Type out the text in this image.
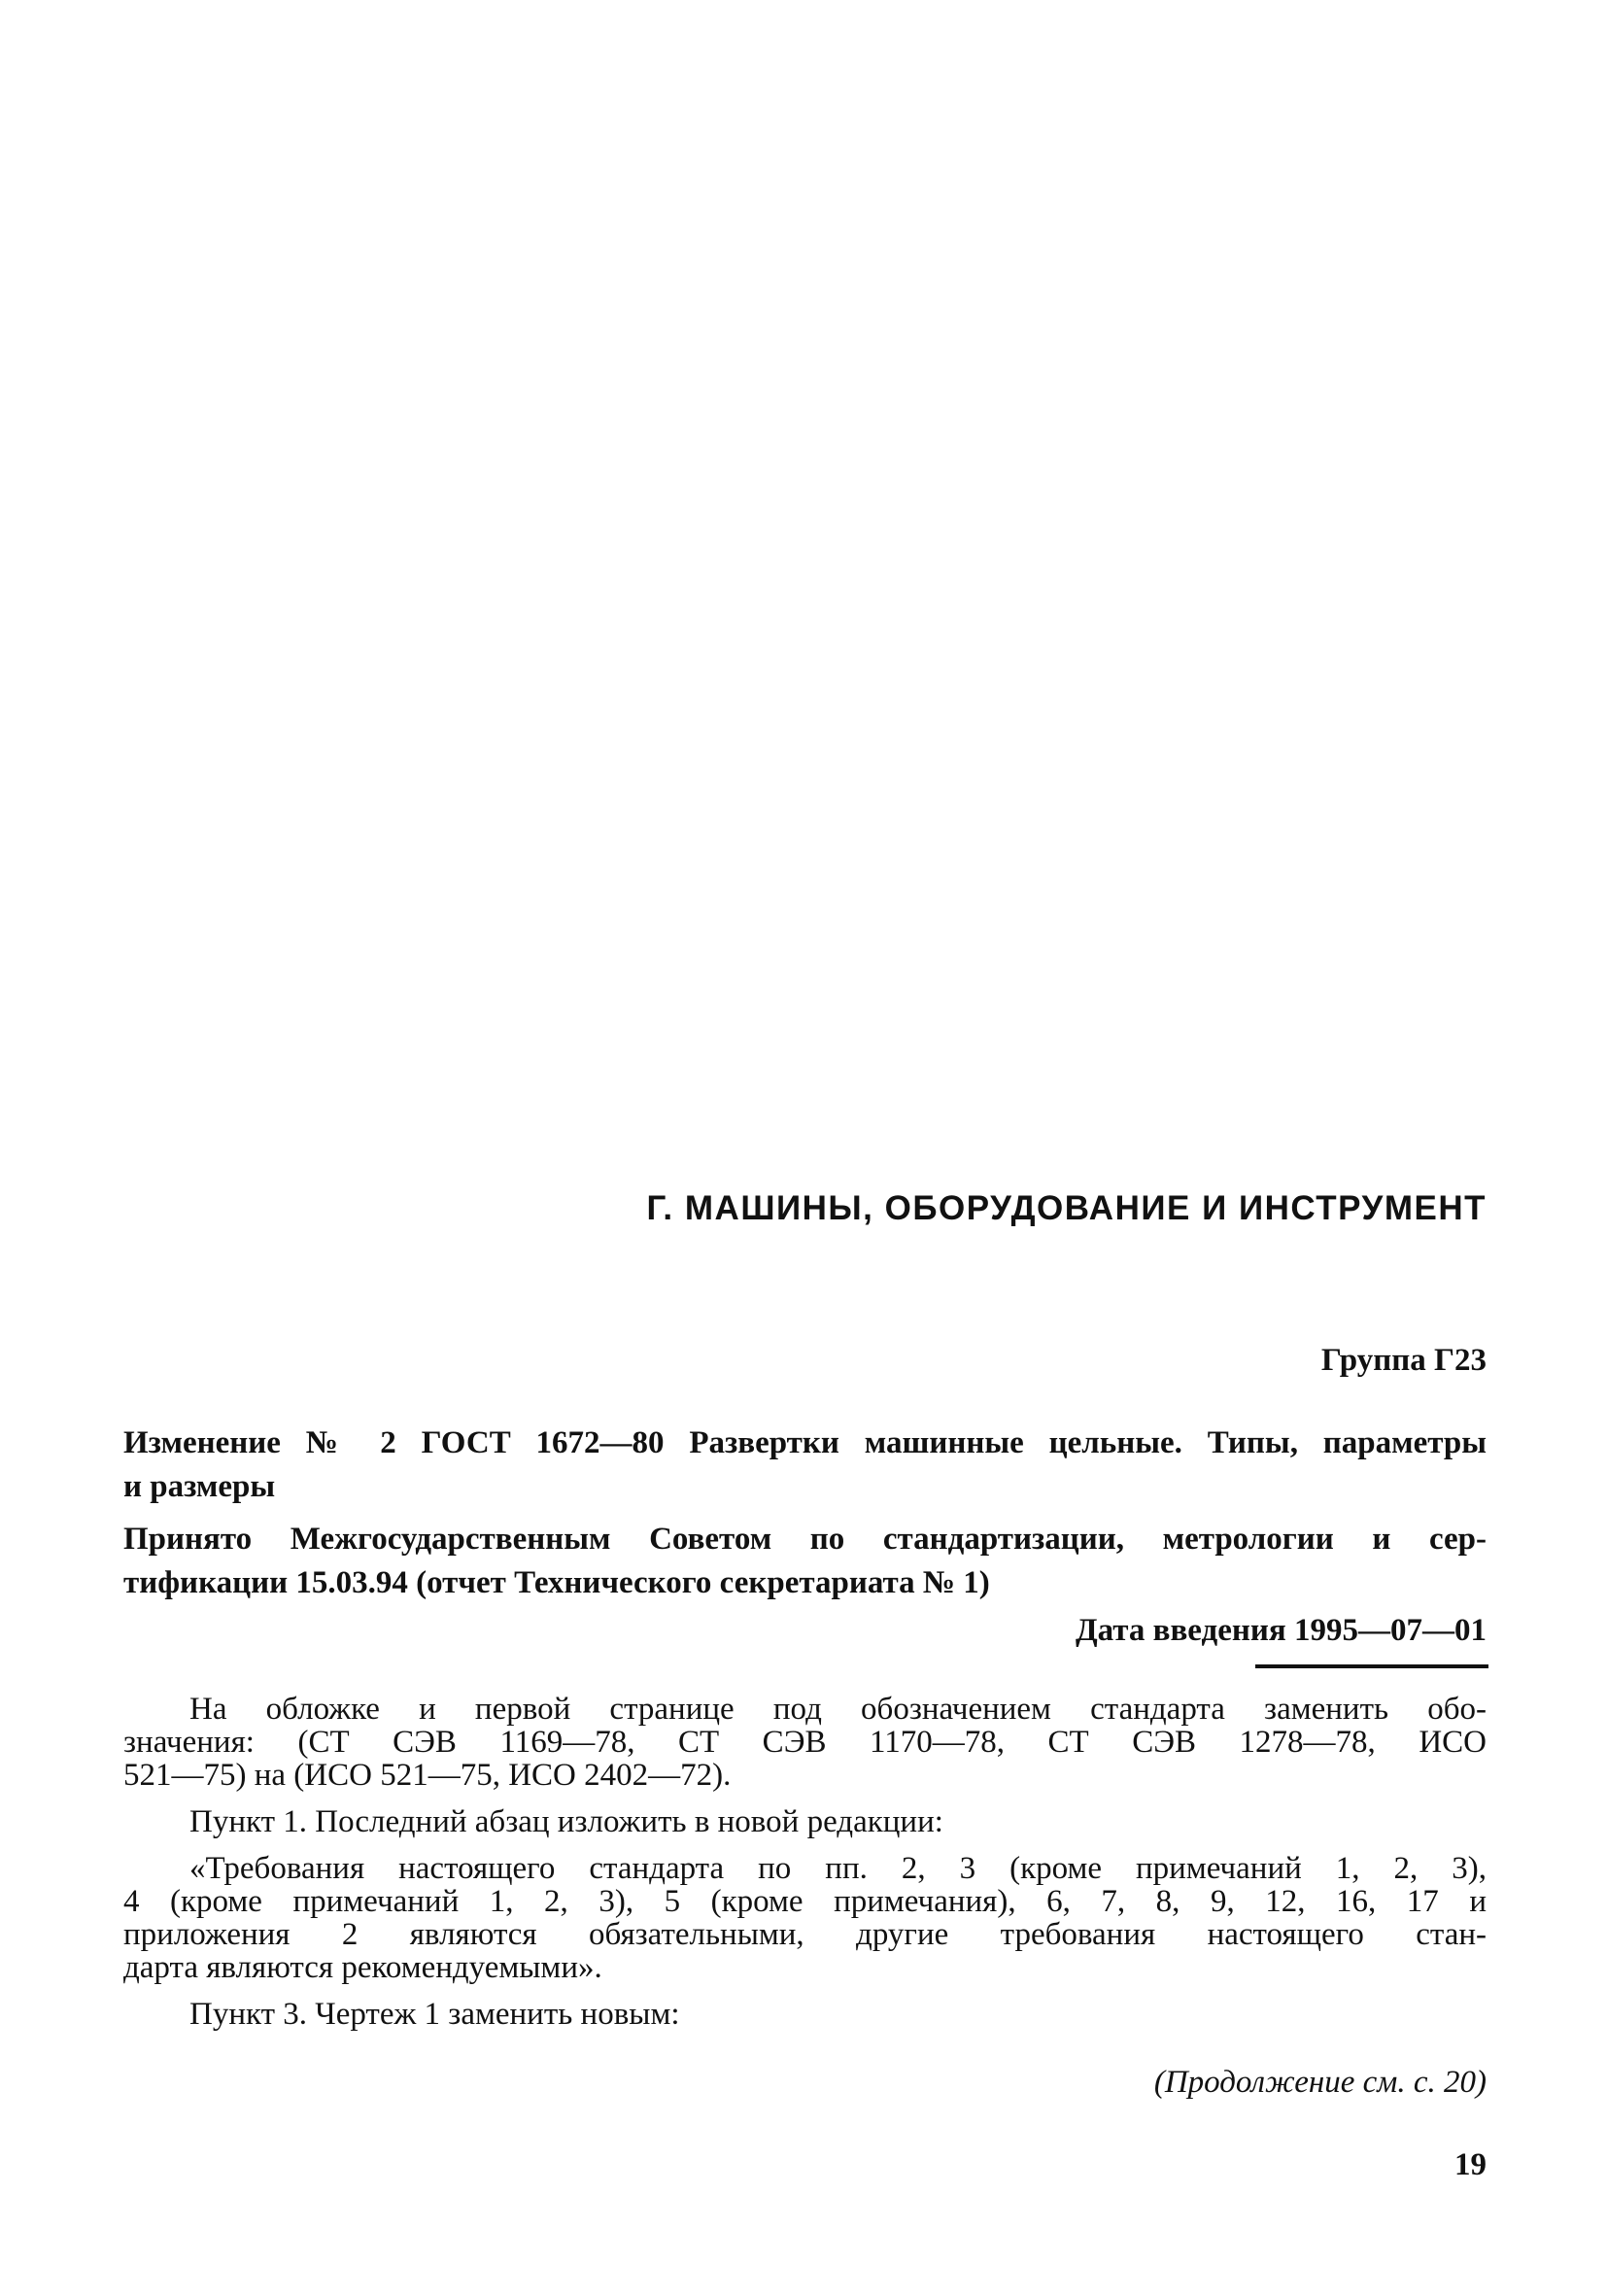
Г. МАШИНЫ, ОБОРУДОВАНИЕ И ИНСТРУМЕНТ
Группа Г23
Изменение № 2 ГОСТ 1672—80 Развертки машинные цельные. Типы, параметры
и размеры
Принято Межгосударственным Советом по стандартизации, метрологии и сер-
тификации 15.03.94 (отчет Технического секретариата № 1)
Дата введения 1995—07—01
На обложке и первой странице под обозначением стандарта заменить обо-
значения: (СТ СЭВ 1169—78, СТ СЭВ 1170—78, СТ СЭВ 1278—78, ИСО
521—75) на (ИСО 521—75, ИСО 2402—72).
Пункт 1. Последний абзац изложить в новой редакции:
«Требования настоящего стандарта по пп. 2, 3 (кроме примечаний 1, 2, 3),
4 (кроме примечаний 1, 2, 3), 5 (кроме примечания), 6, 7, 8, 9, 12, 16, 17 и
приложения 2 являются обязательными, другие требования настоящего стан-
дарта являются рекомендуемыми».
Пункт 3. Чертеж 1 заменить новым:
(Продолжение см. с. 20)
19
